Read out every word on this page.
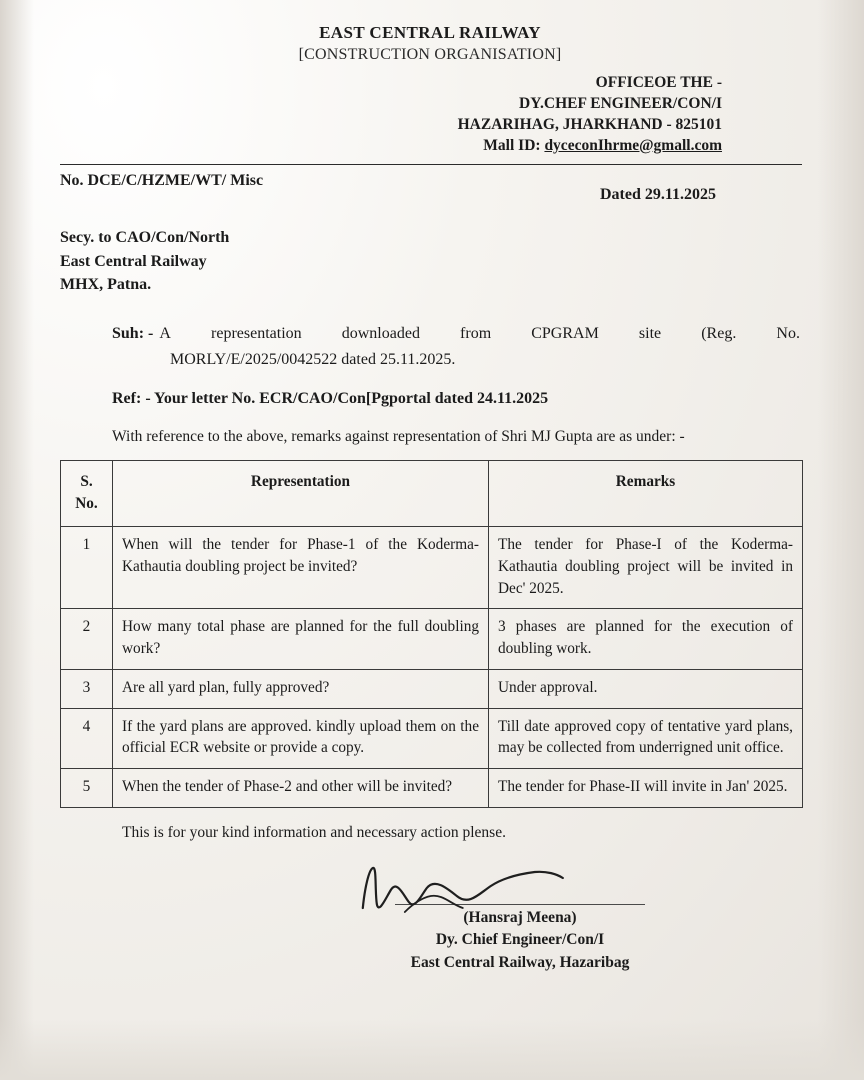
EAST CENTRAL RAILWAY
[CONSTRUCTION ORGANISATION]
OFFICEOE THE -
DY.CHEF ENGINEER/CON/I
HAZARIHAG, JHARKHAND - 825101
Mall ID: dyceconIhrme@gmall.com
No. DCE/C/HZME/WT/ Misc
Dated 29.11.2025
Secy. to CAO/Con/North
East Central Railway
MHX, Patna.
Suh: - A	representation	downloaded	from	CPGRAM	site	(Reg.	No.
MORLY/E/2025/0042522 dated 25.11.2025.
Ref: - Your letter No. ECR/CAO/Con[Pgportal dated 24.11.2025
With reference to the above, remarks against representation of Shri MJ Gupta are as under: -
S.
No.	Representation	Remarks
1	When will the tender for Phase-1 of the Koderma-Kathautia doubling project be invited?	The tender for Phase-I of the Koderma-Kathautia doubling project will be invited in Dec' 2025.
2	How many total phase are planned for the full doubling work?	3 phases are planned for the execution of doubling work.
3	Are all yard plan, fully approved?	Under approval.
4	If the yard plans are approved. kindly upload them on the official ECR website or provide a copy.	Till date approved copy of tentative yard plans, may be collected from underrigned unit office.
5	When the tender of Phase-2 and other will be invited?	The tender for Phase-II will invite in Jan' 2025.
This is for your kind information and necessary action plense.
(Hansraj Meena)
Dy. Chief Engineer/Con/I
East Central Railway, Hazaribag
